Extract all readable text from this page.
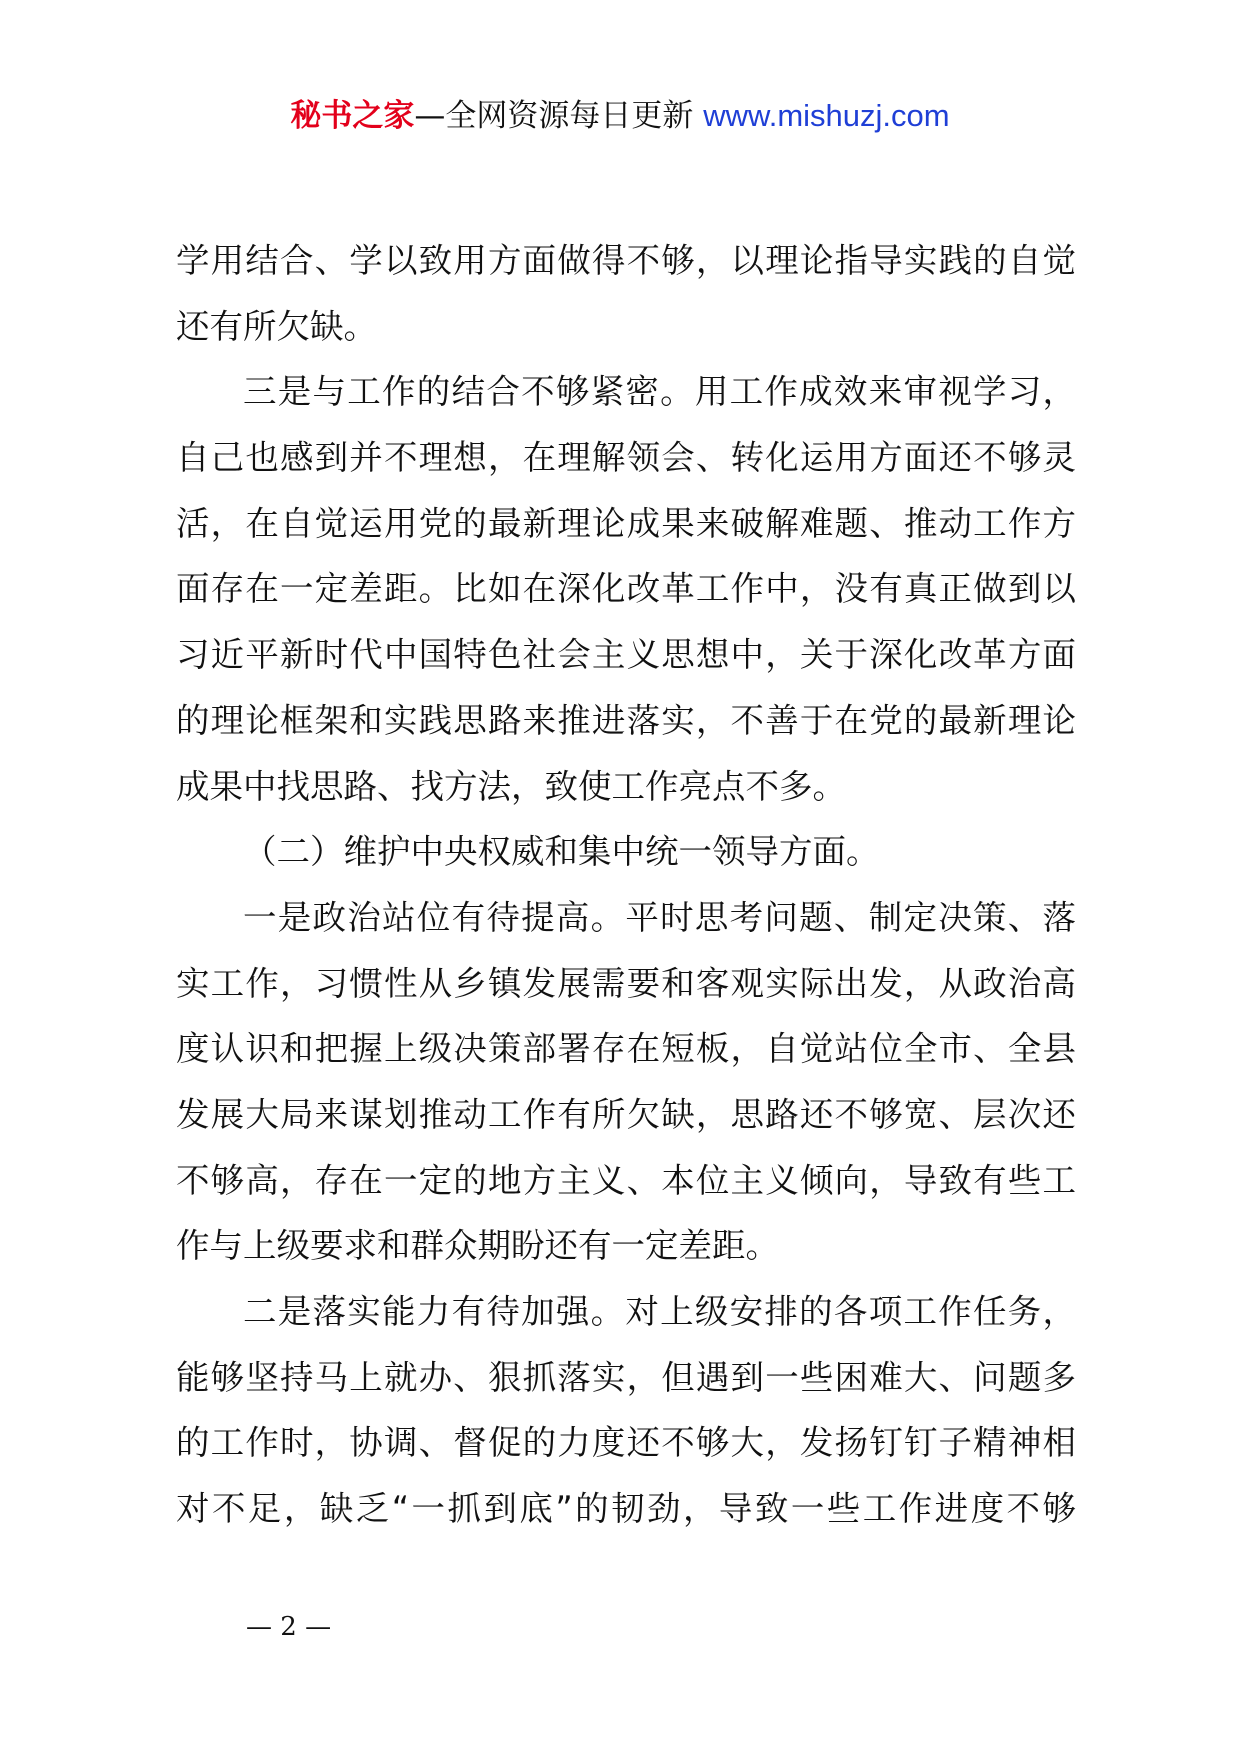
秘书之家—全网资源每日更新 www.mishuzj.com
学用结合、学以致用方面做得不够，以理论指导实践的自觉
还有所欠缺。
三是与工作的结合不够紧密。用工作成效来审视学习，
自己也感到并不理想，在理解领会、转化运用方面还不够灵
活，在自觉运用党的最新理论成果来破解难题、推动工作方
面存在一定差距。比如在深化改革工作中，没有真正做到以
习近平新时代中国特色社会主义思想中，关于深化改革方面
的理论框架和实践思路来推进落实，不善于在党的最新理论
成果中找思路、找方法，致使工作亮点不多。
（二）维护中央权威和集中统一领导方面。
一是政治站位有待提高。平时思考问题、制定决策、落
实工作，习惯性从乡镇发展需要和客观实际出发，从政治高
度认识和把握上级决策部署存在短板，自觉站位全市、全县
发展大局来谋划推动工作有所欠缺，思路还不够宽、层次还
不够高，存在一定的地方主义、本位主义倾向，导致有些工
作与上级要求和群众期盼还有一定差距。
二是落实能力有待加强。对上级安排的各项工作任务，
能够坚持马上就办、狠抓落实，但遇到一些困难大、问题多
的工作时，协调、督促的力度还不够大，发扬钉钉子精神相
对不足，缺乏“一抓到底”的韧劲，导致一些工作进度不够
— 2 —
